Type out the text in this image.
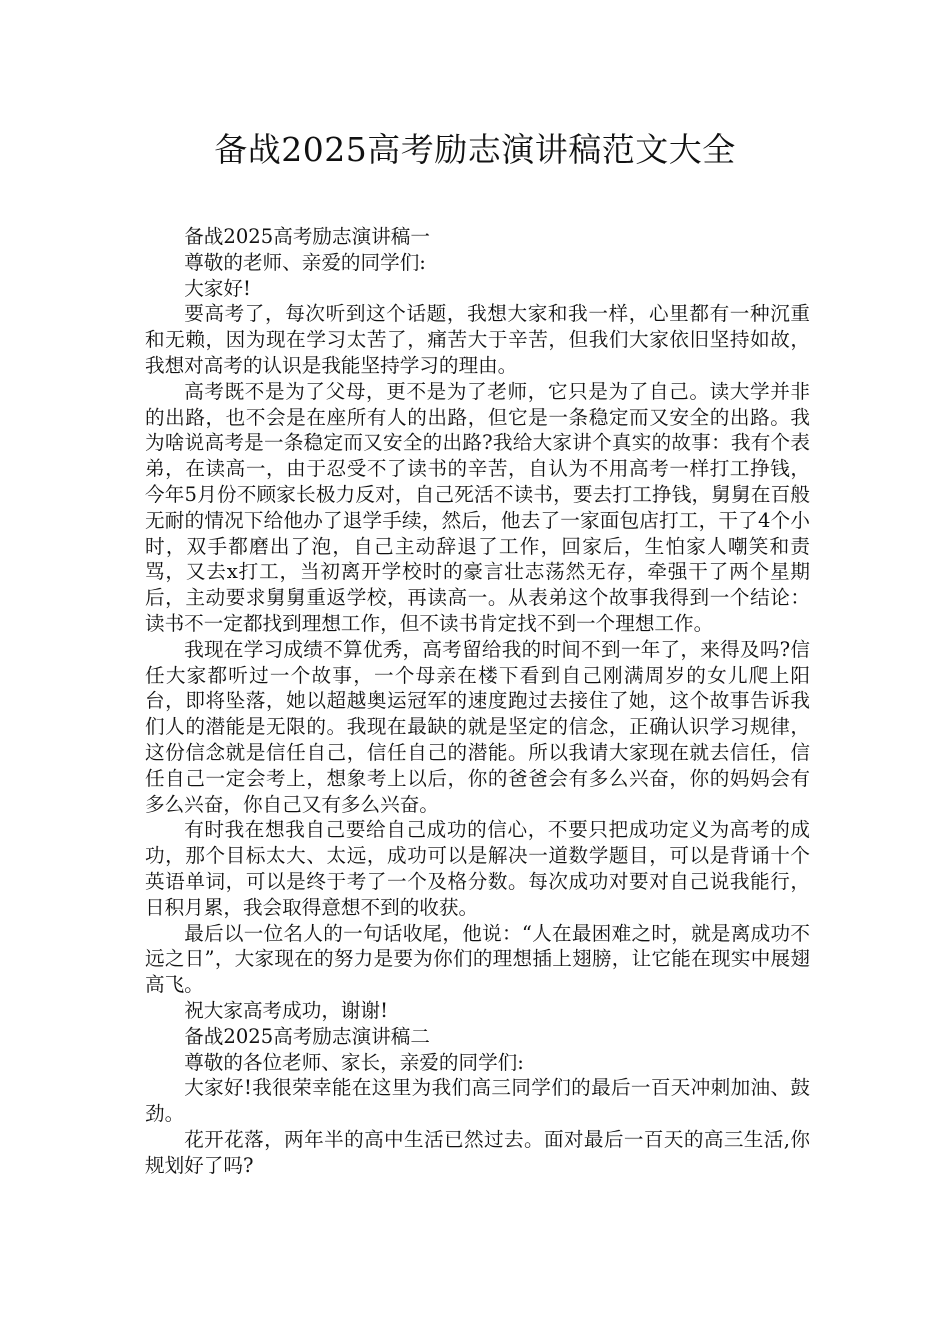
备战2025高考励志演讲稿范文大全

备战2025高考励志演讲稿一

尊敬的老师、亲爱的同学们:

大家好!

要高考了，每次听到这个话题，我想大家和我一样，心里都有一种沉重和无赖，因为现在学习太苦了，痛苦大于辛苦，但我们大家依旧坚持如故，我想对高考的认识是我能坚持学习的理由。

高考既不是为了父母，更不是为了老师，它只是为了自己。读大学并非的出路，也不会是在座所有人的出路，但它是一条稳定而又安全的出路。我为啥说高考是一条稳定而又安全的出路?我给大家讲个真实的故事：我有个表弟，在读高一，由于忍受不了读书的辛苦，自认为不用高考一样打工挣钱，今年5月份不顾家长极力反对，自己死活不读书，要去打工挣钱，舅舅在百般无耐的情况下给他办了退学手续，然后，他去了一家面包店打工，干了4个小时，双手都磨出了泡，自己主动辞退了工作，回家后，生怕家人嘲笑和责骂，又去x打工，当初离开学校时的豪言壮志荡然无存，牵强干了两个星期后，主动要求舅舅重返学校，再读高一。从表弟这个故事我得到一个结论：读书不一定都找到理想工作，但不读书肯定找不到一个理想工作。

我现在学习成绩不算优秀，高考留给我的时间不到一年了，来得及吗?信任大家都听过一个故事，一个母亲在楼下看到自己刚满周岁的女儿爬上阳台，即将坠落，她以超越奥运冠军的速度跑过去接住了她，这个故事告诉我们人的潜能是无限的。我现在最缺的就是坚定的信念，正确认识学习规律，这份信念就是信任自己，信任自己的潜能。所以我请大家现在就去信任，信任自己一定会考上，想象考上以后，你的爸爸会有多么兴奋，你的妈妈会有多么兴奋，你自己又有多么兴奋。

有时我在想我自己要给自己成功的信心，不要只把成功定义为高考的成功，那个目标太大、太远，成功可以是解决一道数学题目，可以是背诵十个英语单词，可以是终于考了一个及格分数。每次成功对要对自己说我能行，日积月累，我会取得意想不到的收获。

最后以一位名人的一句话收尾，他说：“人在最困难之时，就是离成功不远之日”，大家现在的努力是要为你们的理想插上翅膀，让它能在现实中展翅高飞。

祝大家高考成功，谢谢!

备战2025高考励志演讲稿二

尊敬的各位老师、家长，亲爱的同学们:

大家好!我很荣幸能在这里为我们高三同学们的最后一百天冲刺加油、鼓劲。

花开花落，两年半的高中生活已然过去。面对最后一百天的高三生活,你规划好了吗?
